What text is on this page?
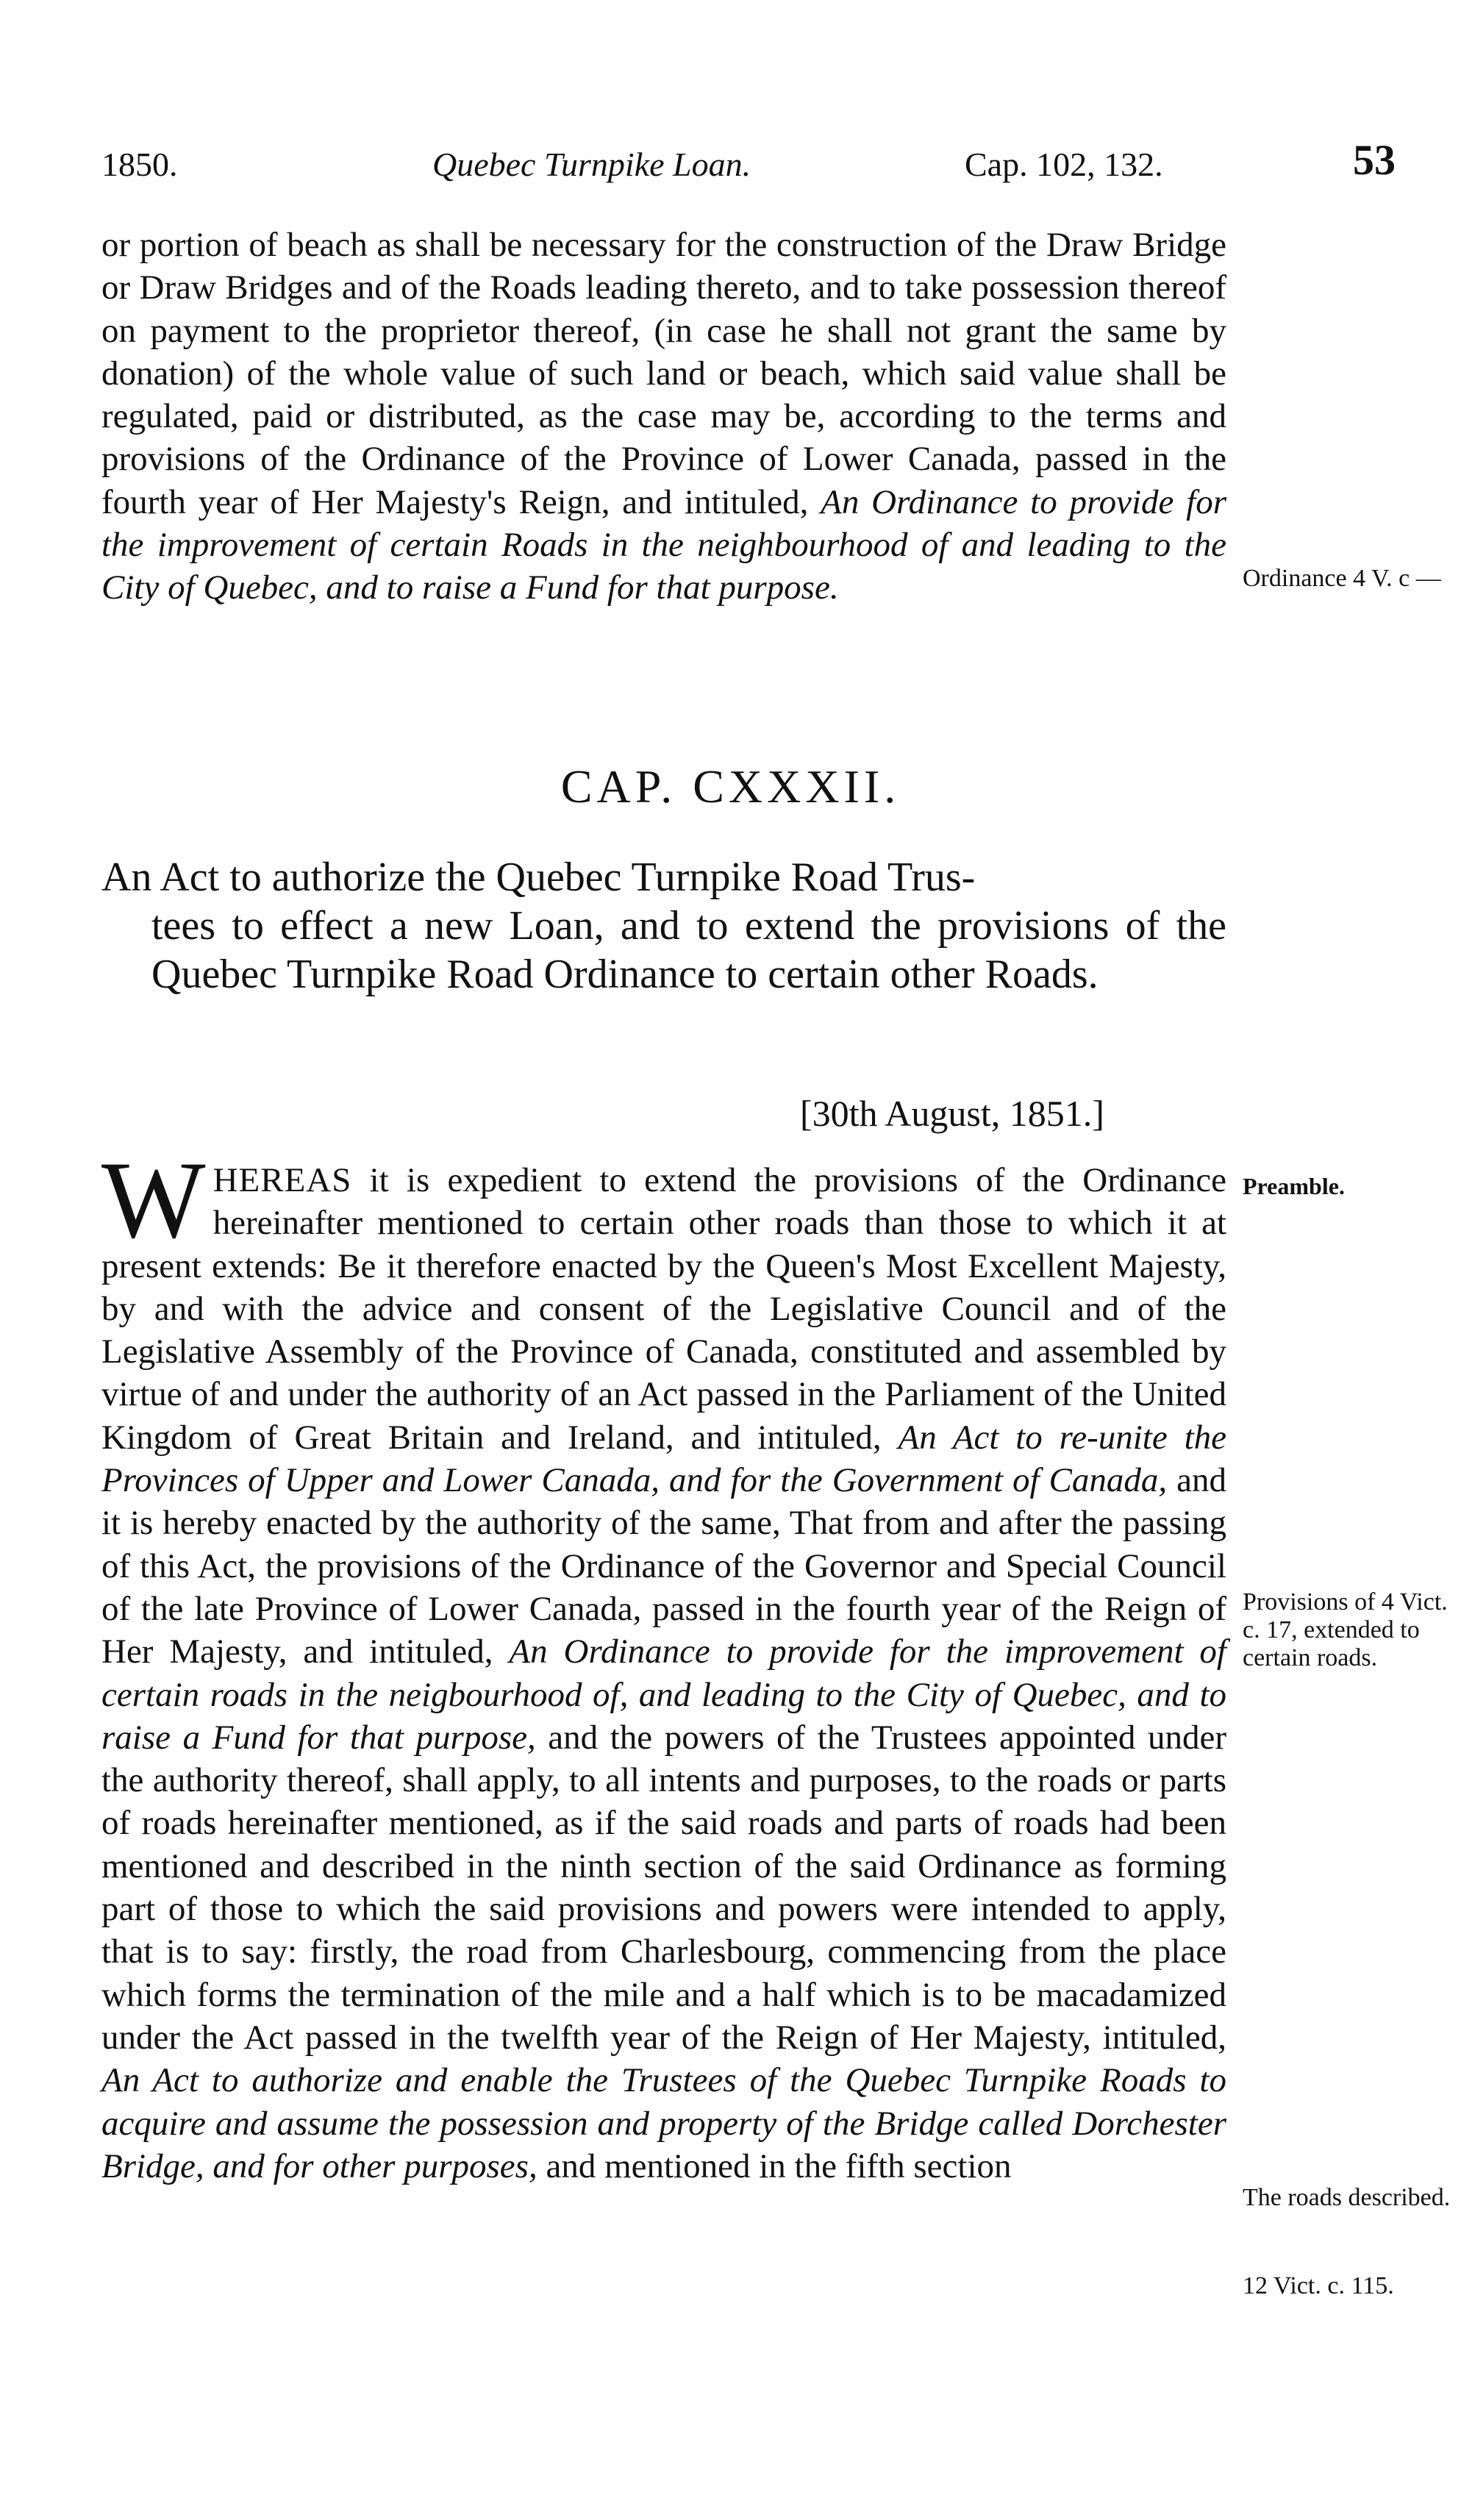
1850.	Quebec Turnpike Loan.	Cap. 102, 132.	53
or portion of beach as shall be necessary for the construction of the Draw Bridge or Draw Bridges and of the Roads leading thereto, and to take possession thereof on payment to the proprietor thereof, (in case he shall not grant the same by donation) of the whole value of such land or beach, which said value shall be regulated, paid or distributed, as the case may be, according to the terms and provisions of the Ordinance of the Province of Lower Canada, passed in the fourth year of Her Majesty's Reign, and intituled, An Ordinance to provide for the improvement of certain Roads in the neighbourhood of and leading to the City of Quebec, and to raise a Fund for that purpose.
CAP. CXXXII.
An Act to authorize the Quebec Turnpike Road Trus-
tees to effect a new Loan, and to extend the provisions of the Quebec Turnpike Road Ordinance to certain other Roads.
[30th August, 1851.]
WHEREAS it is expedient to extend the provisions of the Ordinance hereinafter mentioned to certain other roads than those to which it at present extends: Be it therefore enacted by the Queen's Most Excellent Majesty, by and with the advice and consent of the Legislative Council and of the Legislative Assembly of the Province of Canada, constituted and assembled by virtue of and under the authority of an Act passed in the Parliament of the United Kingdom of Great Britain and Ireland, and intituled, An Act to re-unite the Provinces of Upper and Lower Canada, and for the Government of Canada, and it is hereby enacted by the authority of the same, That from and after the passing of this Act, the provisions of the Ordinance of the Governor and Special Council of the late Province of Lower Canada, passed in the fourth year of the Reign of Her Majesty, and intituled, An Ordinance to provide for the improvement of certain roads in the neigbourhood of, and leading to the City of Quebec, and to raise a Fund for that purpose, and the powers of the Trustees appointed under the authority thereof, shall apply, to all intents and purposes, to the roads or parts of roads hereinafter mentioned, as if the said roads and parts of roads had been mentioned and described in the ninth section of the said Ordinance as forming part of those to which the said provisions and powers were intended to apply, that is to say: firstly, the road from Charlesbourg, commencing from the place which forms the termination of the mile and a half which is to be macadamized under the Act passed in the twelfth year of the Reign of Her Majesty, intituled, An Act to authorize and enable the Trustees of the Quebec Turnpike Roads to acquire and assume the possession and property of the Bridge called Dorchester Bridge, and for other purposes, and mentioned in the fifth section
Ordinance 4 V. c —
Preamble.
Provisions of 4 Vict. c. 17, extended to certain roads.
The roads described.
12 Vict. c. 115.
